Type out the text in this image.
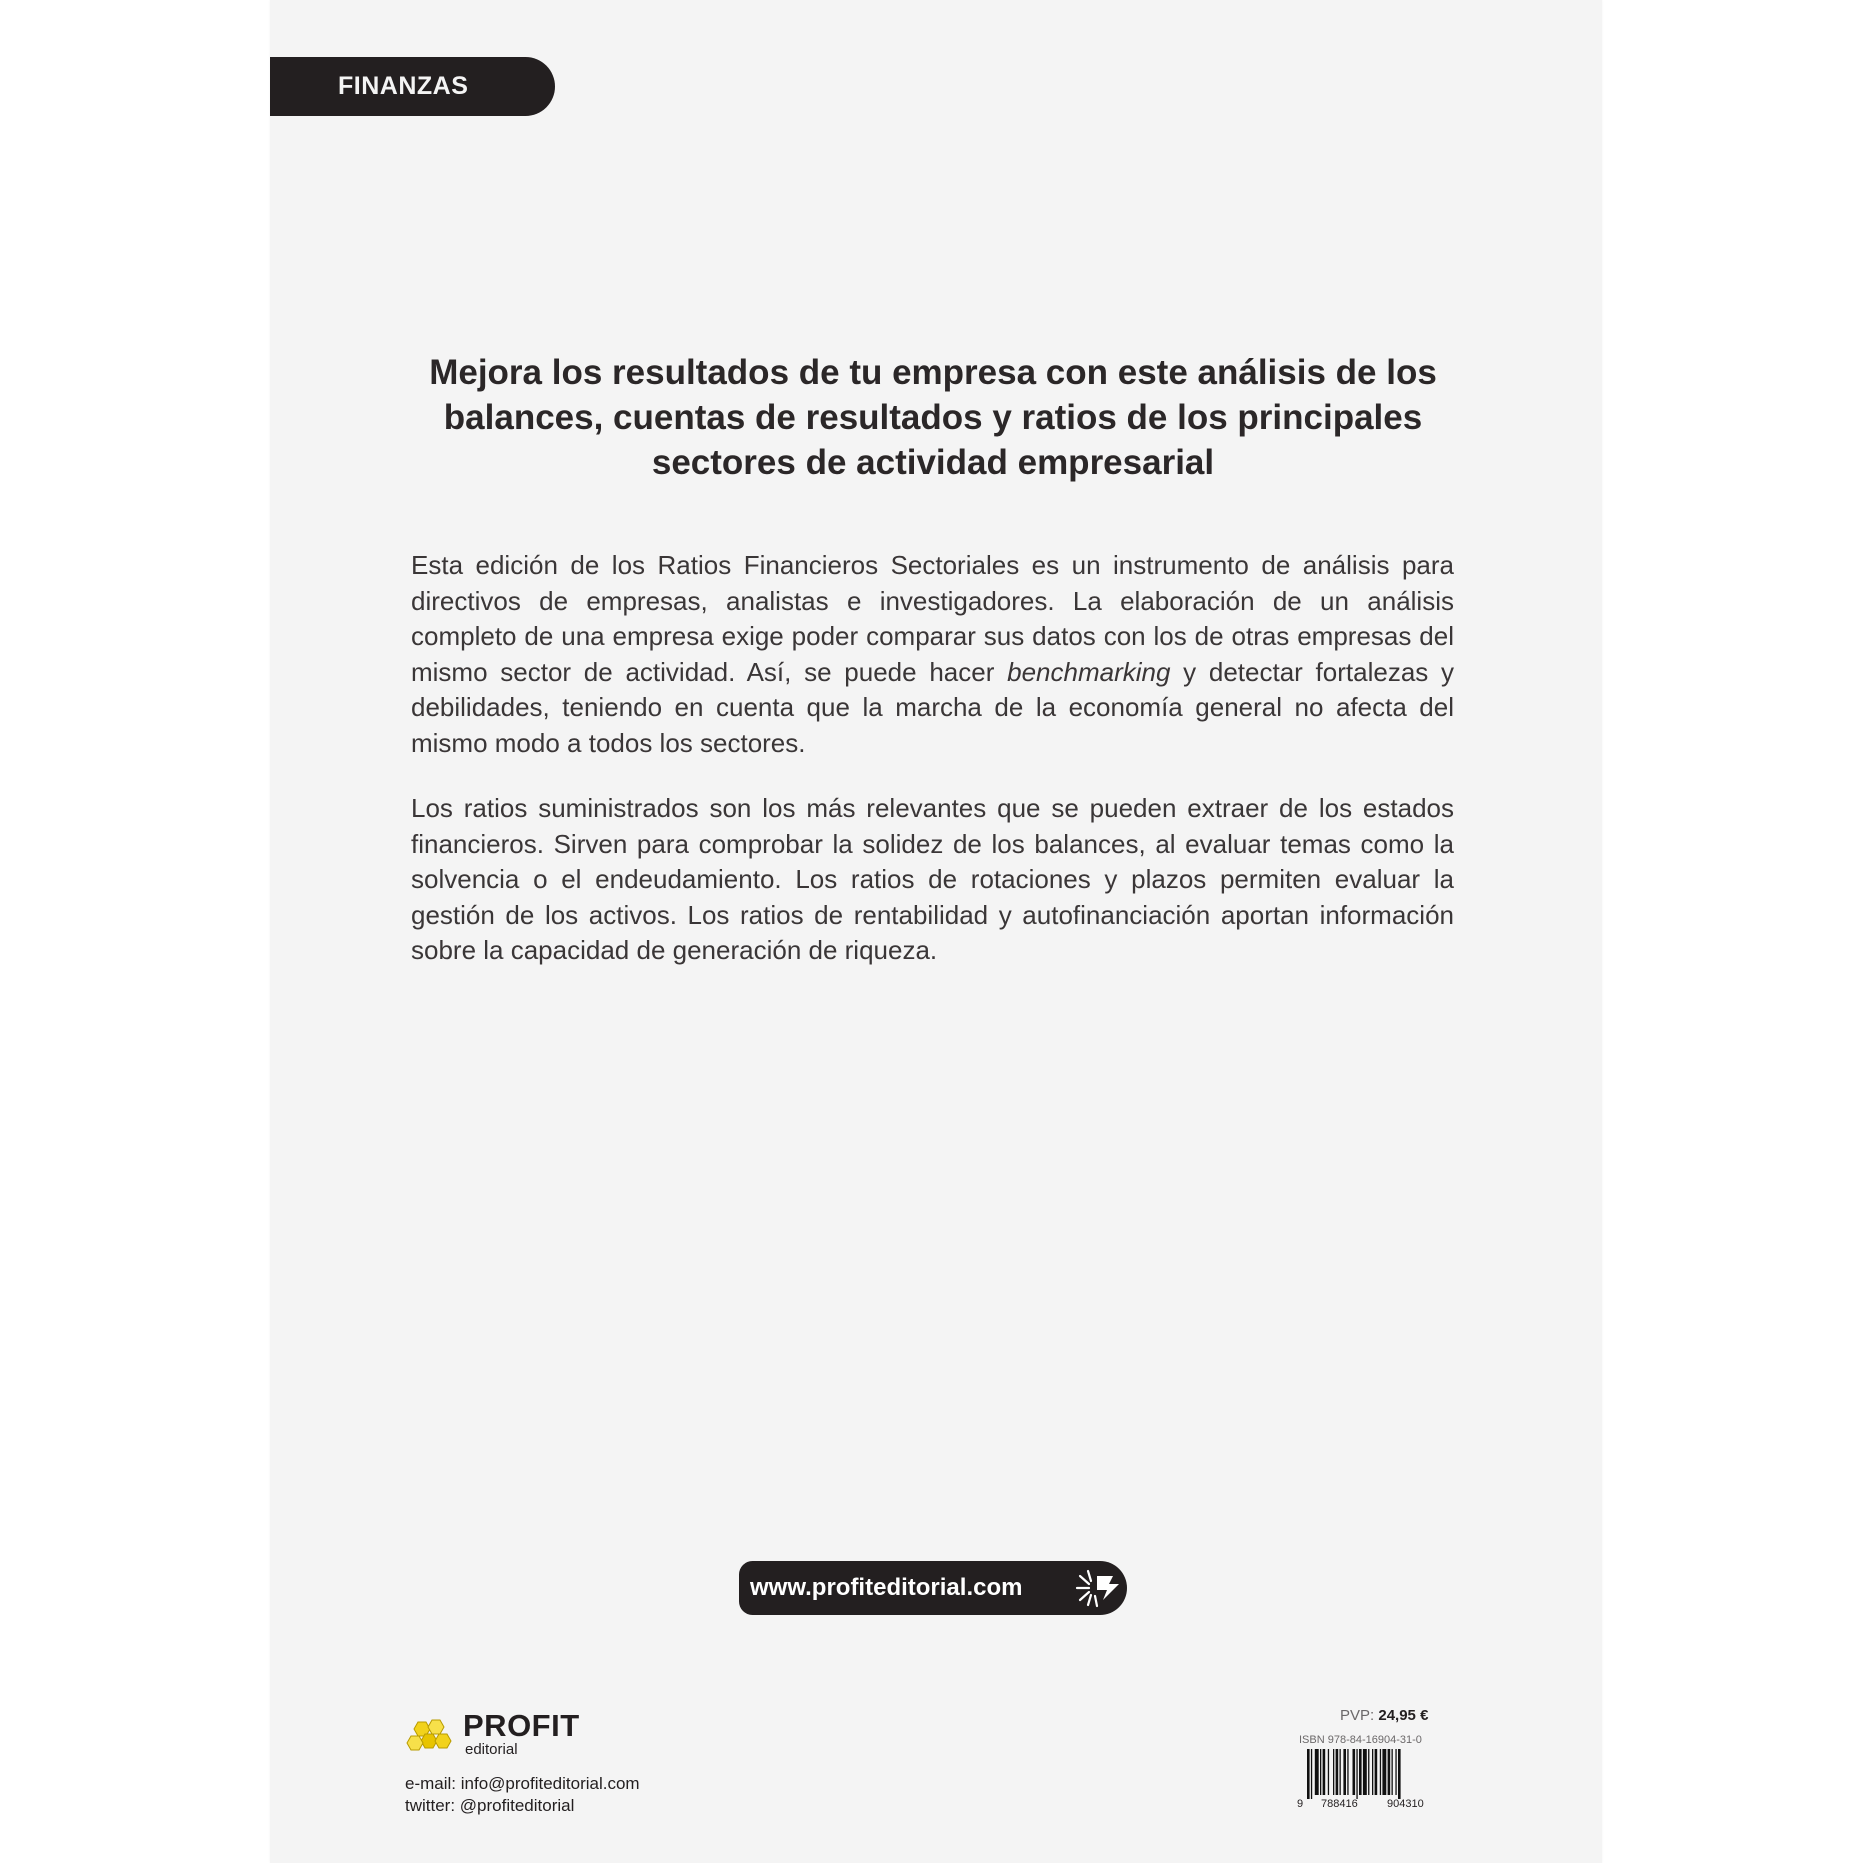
FINANZAS
Mejora los resultados de tu empresa con este análisis de los balances, cuentas de resultados y ratios de los principales sectores de actividad empresarial

Esta edición de los Ratios Financieros Sectoriales es un instrumento de análisis para directivos de empresas, analistas e investigadores. La elaboración de un análisis completo de una empresa exige poder comparar sus datos con los de otras empresas del mismo sector de actividad. Así, se puede hacer benchmarking y detectar fortalezas y debilidades, teniendo en cuenta que la marcha de la economía general no afecta del mismo modo a todos los sectores.

Los ratios suministrados son los más relevantes que se pueden extraer de los estados financieros. Sirven para comprobar la solidez de los balances, al evaluar temas como la solvencia o el endeudamiento. Los ratios de rotaciones y plazos permiten evaluar la gestión de los activos. Los ratios de rentabilidad y autofinanciación aportan información sobre la capacidad de generación de riqueza.

www.profiteditorial.com
PROFIT
editorial
e-mail: info@profiteditorial.com
twitter: @profiteditorial
PVP: 24,95 €
ISBN 978-84-16904-31-0
9 788416	904310
